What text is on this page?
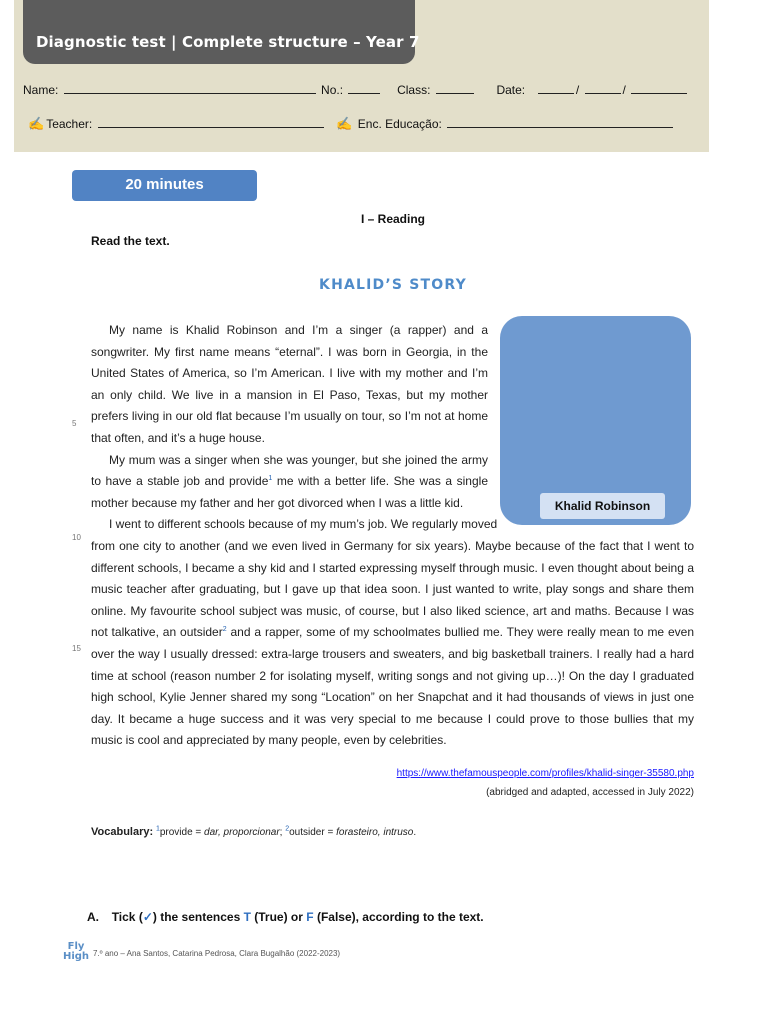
Diagnostic test | Complete structure – Year 7
Name:	No.:	Class:	Date:	/	/
✍ Teacher:	✍ Enc. Educação:
20 minutes
I – Reading
Read the text.
KHALID’S STORY
Khalid Robinson

My name is Khalid Robinson and I’m a singer (a rapper) and a songwriter. My first name means “eternal”. I was born in Georgia, in the United States of America, so I’m American. I live with my mother and I’m an only child. We live in a mansion in El Paso, Texas, but my mother prefers living in our old flat because I’m usually on tour, so I’m not at home that often, and it’s a huge house.

My mum was a singer when she was younger, but she joined the army to have a stable job and provide$^1$ me with a better life. She was a single mother because my father and her got divorced when I was a little kid.

I went to different schools because of my mum’s job. We regularly moved

from one city to another (and we even lived in Germany for six years). Maybe because of the fact that I went to different schools, I became a shy kid and I started expressing myself through music. I even thought about being a music teacher after graduating, but I gave up that idea soon. I just wanted to write, play songs and share them online. My favourite school subject was music, of course, but I also liked science, art and maths. Because I was not talkative, an outsider$^2$ and a rapper, some of my schoolmates bullied me. They were really mean to me even over the way I usually dressed: extra-large trousers and sweaters, and big basketball trainers. I really had a hard time at school (reason number 2 for isolating myself, writing songs and not giving up…)! On the day I graduated high school, Kylie Jenner shared my song “Location” on her Snapchat and it had thousands of views in just one day. It became a huge success and it was very special to me because I could prove to those bullies that my music is cool and appreciated by many people, even by celebrities.

5
10
15
https://www.thefamouspeople.com/profiles/khalid-singer-35580.php
(abridged and adapted, accessed in July 2022)
Vocabulary: $^1$provide = dar, proporcionar; $^2$outsider = forasteiro, intruso.
A. Tick (✓) the sentences T (True) or F (False), according to the text.
Fly
High 7.º ano – Ana Santos, Catarina Pedrosa, Clara Bugalhão (2022-2023)
